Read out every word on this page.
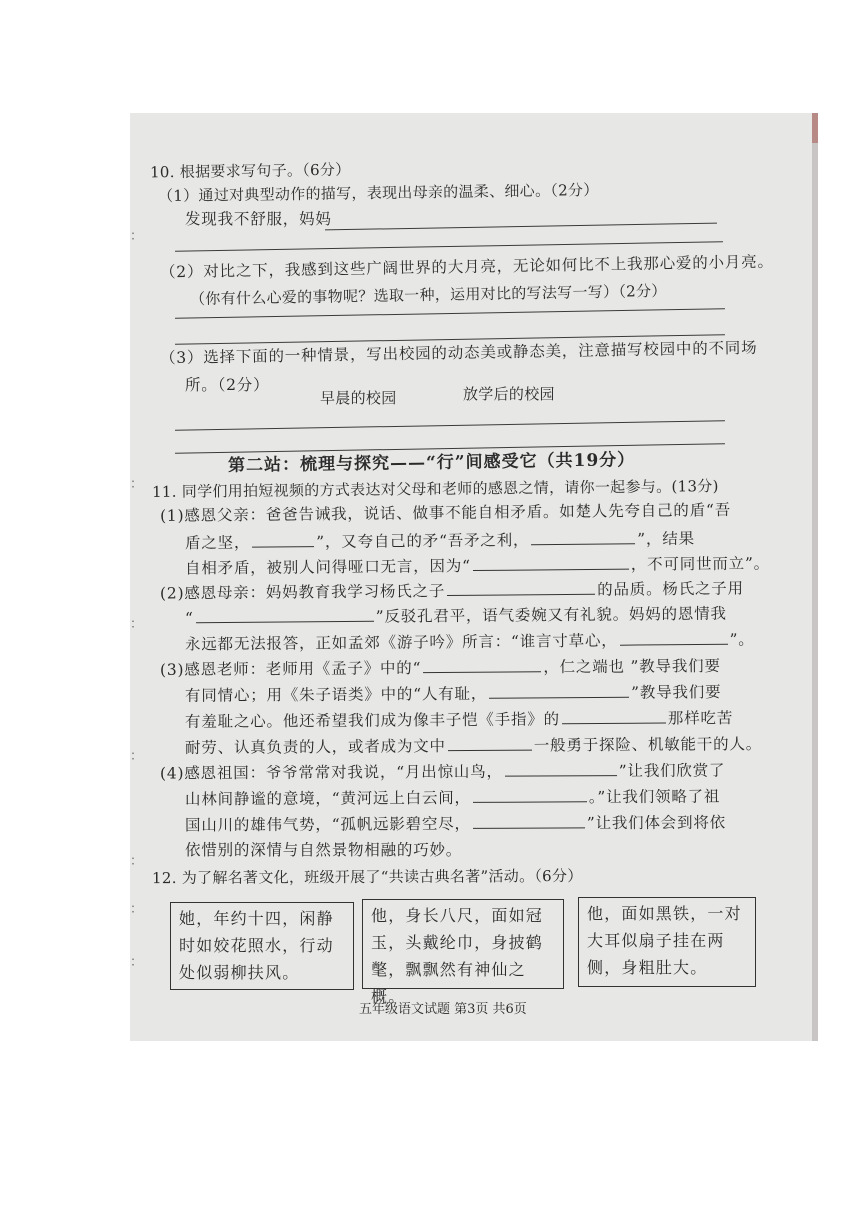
：
：
：
：
：
：
：
10. 根据要求写句子。（6分）
（1）通过对典型动作的描写，表现出母亲的温柔、细心。（2分）
发现我不舒服，妈妈
（2）对比之下，我感到这些广阔世界的大月亮，无论如何比不上我那心爱的小月亮。
（你有什么心爱的事物呢？选取一种，运用对比的写法写一写）（2分）
（3）选择下面的一种情景，写出校园的动态美或静态美，注意描写校园中的不同场
所。（2分）
早晨的校园	放学后的校园
第二站：梳理与探究——“行”间感受它（共19分）
11. 同学们用拍短视频的方式表达对父母和老师的感恩之情，请你一起参与。(13分)
(1)感恩父亲：爸爸告诫我，说话、做事不能自相矛盾。如楚人先夸自己的盾“吾
盾之坚，	”，又夸自己的矛“吾矛之利，	”，结果
自相矛盾，被别人问得哑口无言，因为“	，不可同世而立”。
(2)感恩母亲：妈妈教育我学习杨氏之子	的品质。杨氏之子用
“	”反驳孔君平，语气委婉又有礼貌。妈妈的恩情我
永远都无法报答，正如孟郊《游子吟》所言：“谁言寸草心，	”。
(3)感恩老师：老师用《孟子》中的“	，仁之端也 ”教导我们要
有同情心；用《朱子语类》中的“人有耻，	”教导我们要
有羞耻之心。他还希望我们成为像丰子恺《手指》的	那样吃苦
耐劳、认真负责的人，或者成为文中	一般勇于探险、机敏能干的人。
(4)感恩祖国：爷爷常常对我说，“月出惊山鸟，	”让我们欣赏了
山林间静谧的意境，“黄河远上白云间，	。”让我们领略了祖
国山川的雄伟气势，“孤帆远影碧空尽，	”让我们体会到将依
依惜别的深情与自然景物相融的巧妙。
12. 为了解名著文化，班级开展了“共读古典名著”活动。（6分）
她，年约十四，闲静时如姣花照水，行动处似弱柳扶风。
他，身长八尺，面如冠玉，头戴纶巾，身披鹤氅，飘飘然有神仙之概。
他，面如黑铁，一对大耳似扇子挂在两侧，身粗肚大。
五年级语文试题 第3页 共6页
